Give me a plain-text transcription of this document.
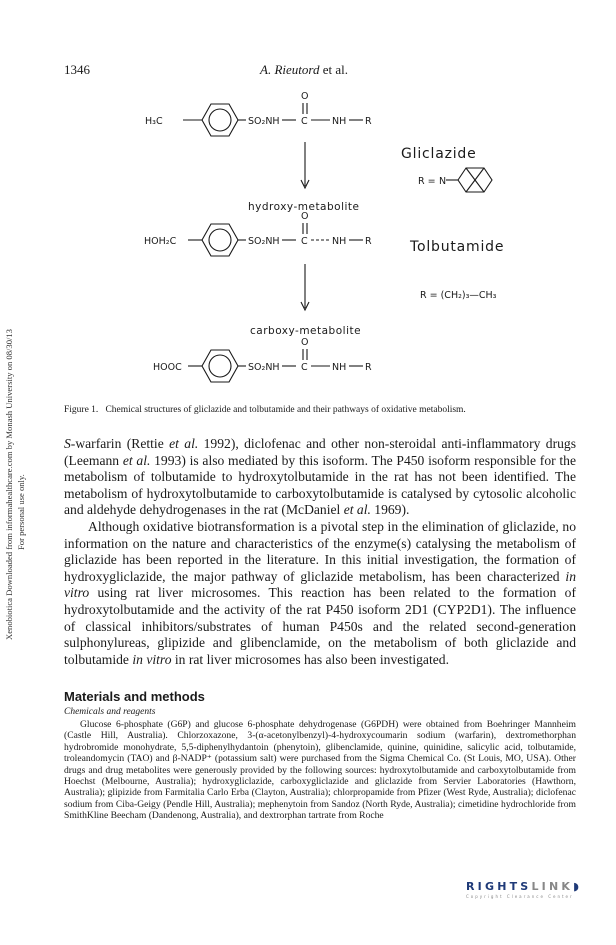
Xenobiotica Downloaded from informahealthcare.com by Monash University on 08/30/13 For personal use only.
1346	A. Rieutord et al.
H₃C	SO₂NH
O
C	NH R
hydroxy-metabolite
HOH₂C	SO₂NH
O
C	NH R
carboxy-metabolite
HOOC	SO₂NH
O
C	NH R
Gliclazide
R = N
Tolbutamide
R = (CH₂)₃—CH₃
Figure 1. Chemical structures of gliclazide and tolbutamide and their pathways of oxidative metabolism.

S-warfarin (Rettie et al. 1992), diclofenac and other non-steroidal anti-inflammatory drugs (Leemann et al. 1993) is also mediated by this isoform. The P450 isoform responsible for the metabolism of tolbutamide to hydroxytolbutamide in the rat has not been identified. The metabolism of hydroxytolbutamide to carboxytolbutamide is catalysed by cytosolic alcoholic and aldehyde dehydrogenases in the rat (McDaniel et al. 1969).

Although oxidative biotransformation is a pivotal step in the elimination of gliclazide, no information on the nature and characteristics of the enzyme(s) catalysing the metabolism of gliclazide has been reported in the literature. In this initial investigation, the formation of hydroxygliclazide, the major pathway of gliclazide metabolism, has been characterized in vitro using rat liver microsomes. This reaction has been related to the formation of hydroxytolbutamide and the activity of the rat P450 isoform 2D1 (CYP2D1). The influence of classical inhibitors/substrates of human P450s and the related second-generation sulphonylureas, glipizide and glibenclamide, on the metabolism of both gliclazide and tolbutamide in vitro in rat liver microsomes has also been investigated.

Materials and methods
Chemicals and reagents

Glucose 6-phosphate (G6P) and glucose 6-phosphate dehydrogenase (G6PDH) were obtained from Boehringer Mannheim (Castle Hill, Australia). Chlorzoxazone, 3-(α-acetonylbenzyl)-4-hydroxycoumarin sodium (warfarin), dextromethorphan hydrobromide monohydrate, 5,5-diphenylhydantoin (phenytoin), glibenclamide, quinine, quinidine, salicylic acid, tolbutamide, troleandomycin (TAO) and β-NADP⁺ (potassium salt) were purchased from the Sigma Chemical Co. (St Louis, MO, USA). Other drugs and drug metabolites were generously provided by the following sources: hydroxytolbutamide and carboxytolbutamide from Hoechst (Melbourne, Australia); hydroxygliclazide, carboxygliclazide and gliclazide from Servier Laboratories (Hawthorn, Australia); glipizide from Farmitalia Carlo Erba (Clayton, Australia); chlorpropamide from Pfizer (West Ryde, Australia); diclofenac sodium from Ciba-Geigy (Pendle Hill, Australia); mephenytoin from Sandoz (North Ryde, Australia); cimetidine hydrochloride from SmithKline Beecham (Dandenong, Australia), and dextrorphan tartrate from Roche

RIGHTSLINK◗
Copyright Clearance Center
